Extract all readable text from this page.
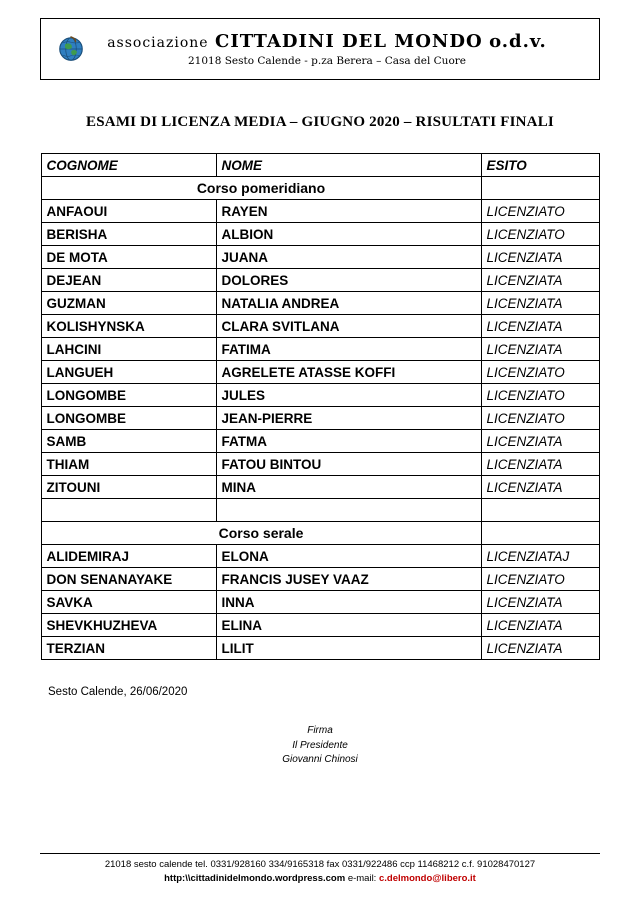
associazione CITTADINI DEL MONDO o.d.v.
21018 Sesto Calende - p.za Berera – Casa del Cuore
ESAMI DI LICENZA MEDIA – GIUGNO 2020 – RISULTATI FINALI
COGNOME	NOME	ESITO
Corso pomeridiano		
ANFAOUI	RAYEN	LICENZIATO
BERISHA	ALBION	LICENZIATO
DE MOTA	JUANA	LICENZIATA
DEJEAN	DOLORES	LICENZIATA
GUZMAN	NATALIA ANDREA	LICENZIATA
KOLISHYNSKA	CLARA SVITLANA	LICENZIATA
LAHCINI	FATIMA	LICENZIATA
LANGUEH	AGRELETE ATASSE KOFFI	LICENZIATO
LONGOMBE	JULES	LICENZIATO
LONGOMBE	JEAN-PIERRE	LICENZIATO
SAMB	FATMA	LICENZIATA
THIAM	FATOU BINTOU	LICENZIATA
ZITOUNI	MINA	LICENZIATA

Corso serale		
ALIDEMIRAJ	ELONA	LICENZIATAJ
DON SENANAYAKE	FRANCIS JUSEY VAAZ	LICENZIATO
SAVKA	INNA	LICENZIATA
SHEVKHUZHEVA	ELINA	LICENZIATA
TERZIAN	LILIT	LICENZIATA
Sesto Calende, 26/06/2020
Firma
Il Presidente
Giovanni Chinosi
21018 sesto calende tel. 0331/928160 334/9165318 fax 0331/922486 ccp 11468212 c.f. 91028470127
http:\\cittadinidelmondo.wordpress.com e-mail: c.delmondo@libero.it
